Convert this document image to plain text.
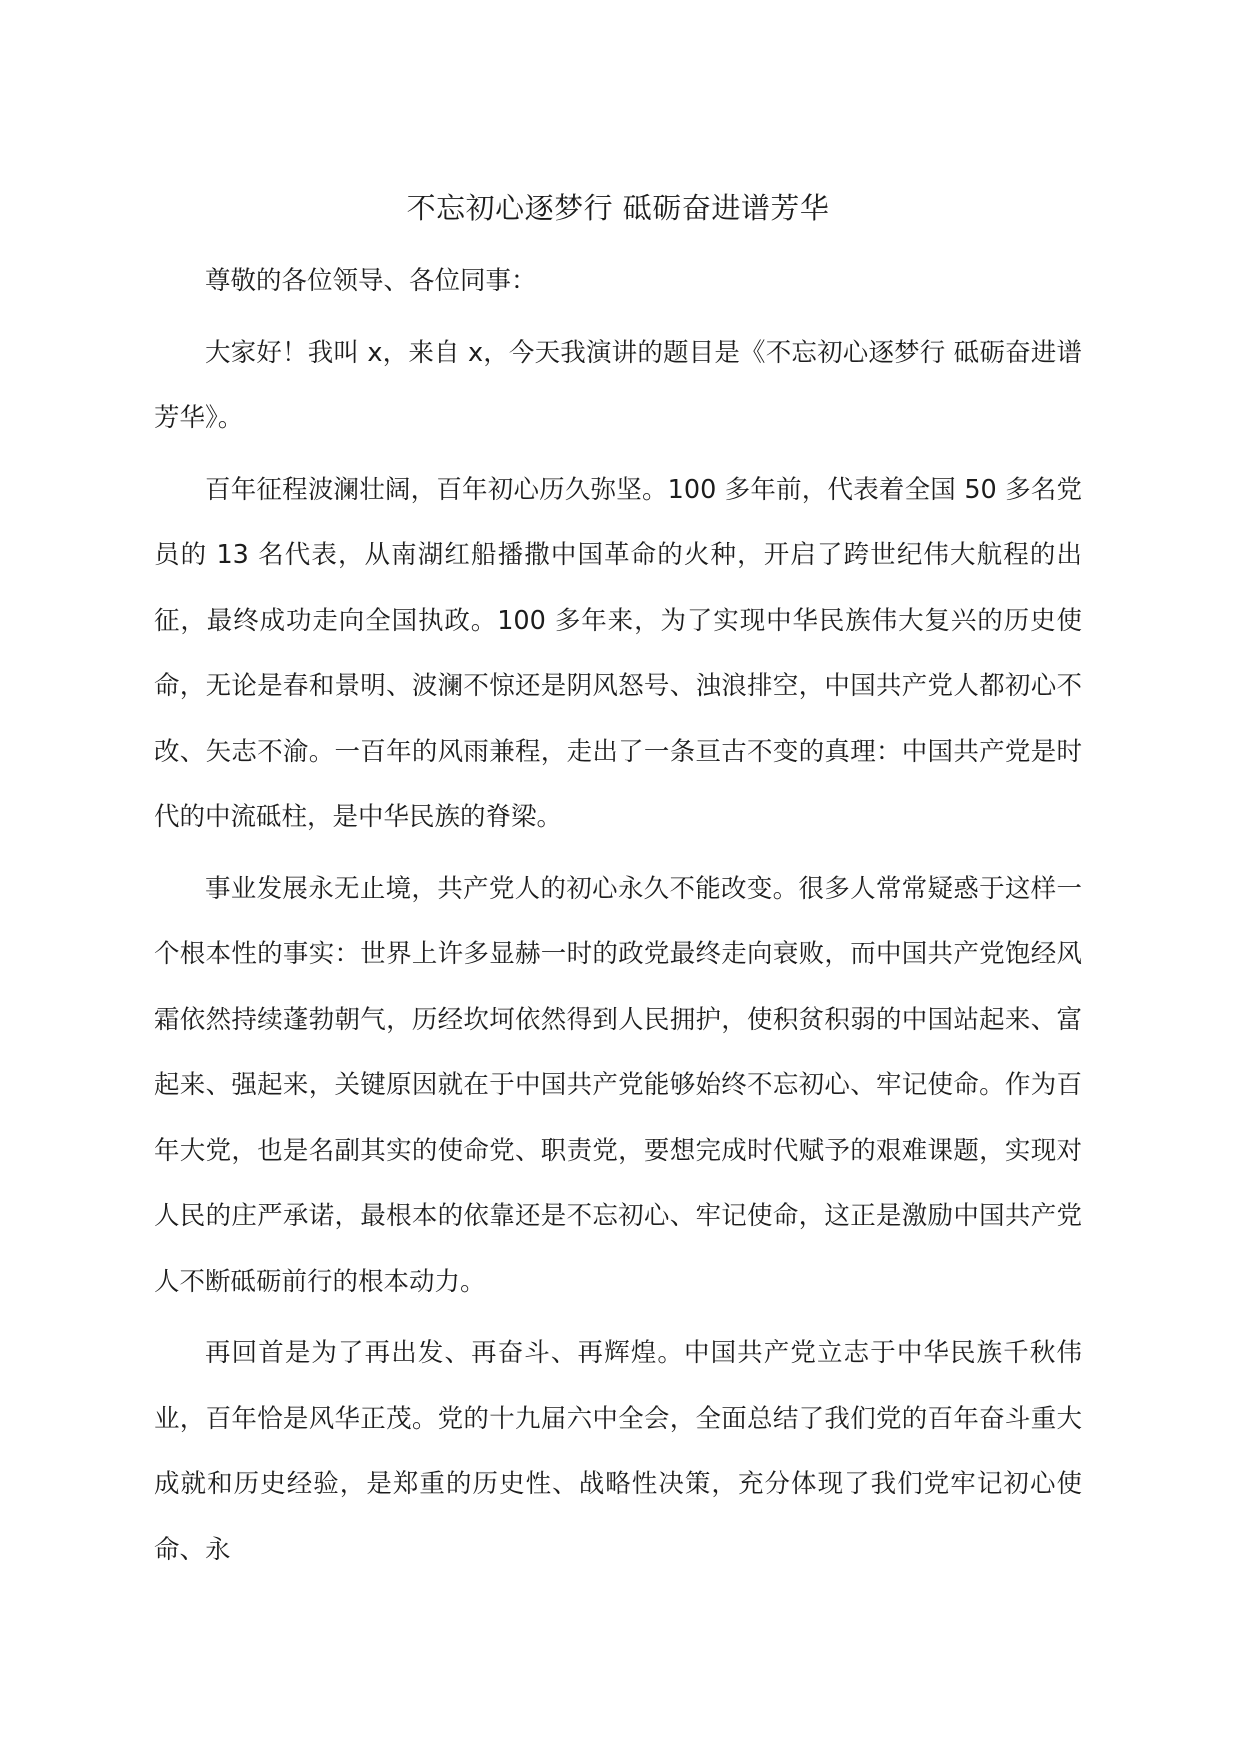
不忘初心逐梦行 砥砺奋进谱芳华

尊敬的各位领导、各位同事：

大家好！我叫 x，来自 x，今天我演讲的题目是《不忘初心逐梦行 砥砺奋进谱芳华》。

百年征程波澜壮阔，百年初心历久弥坚。100 多年前，代表着全国 50 多名党员的 13 名代表，从南湖红船播撒中国革命的火种，开启了跨世纪伟大航程的出征，最终成功走向全国执政。100 多年来，为了实现中华民族伟大复兴的历史使命，无论是春和景明、波澜不惊还是阴风怒号、浊浪排空，中国共产党人都初心不改、矢志不渝。一百年的风雨兼程，走出了一条亘古不变的真理：中国共产党是时代的中流砥柱，是中华民族的脊梁。

事业发展永无止境，共产党人的初心永久不能改变。很多人常常疑惑于这样一个根本性的事实：世界上许多显赫一时的政党最终走向衰败，而中国共产党饱经风霜依然持续蓬勃朝气，历经坎坷依然得到人民拥护，使积贫积弱的中国站起来、富起来、强起来，关键原因就在于中国共产党能够始终不忘初心、牢记使命。作为百年大党，也是名副其实的使命党、职责党，要想完成时代赋予的艰难课题，实现对人民的庄严承诺，最根本的依靠还是不忘初心、牢记使命，这正是激励中国共产党人不断砥砺前行的根本动力。

再回首是为了再出发、再奋斗、再辉煌。中国共产党立志于中华民族千秋伟业，百年恰是风华正茂。党的十九届六中全会，全面总结了我们党的百年奋斗重大成就和历史经验，是郑重的历史性、战略性决策，充分体现了我们党牢记初心使命、永
